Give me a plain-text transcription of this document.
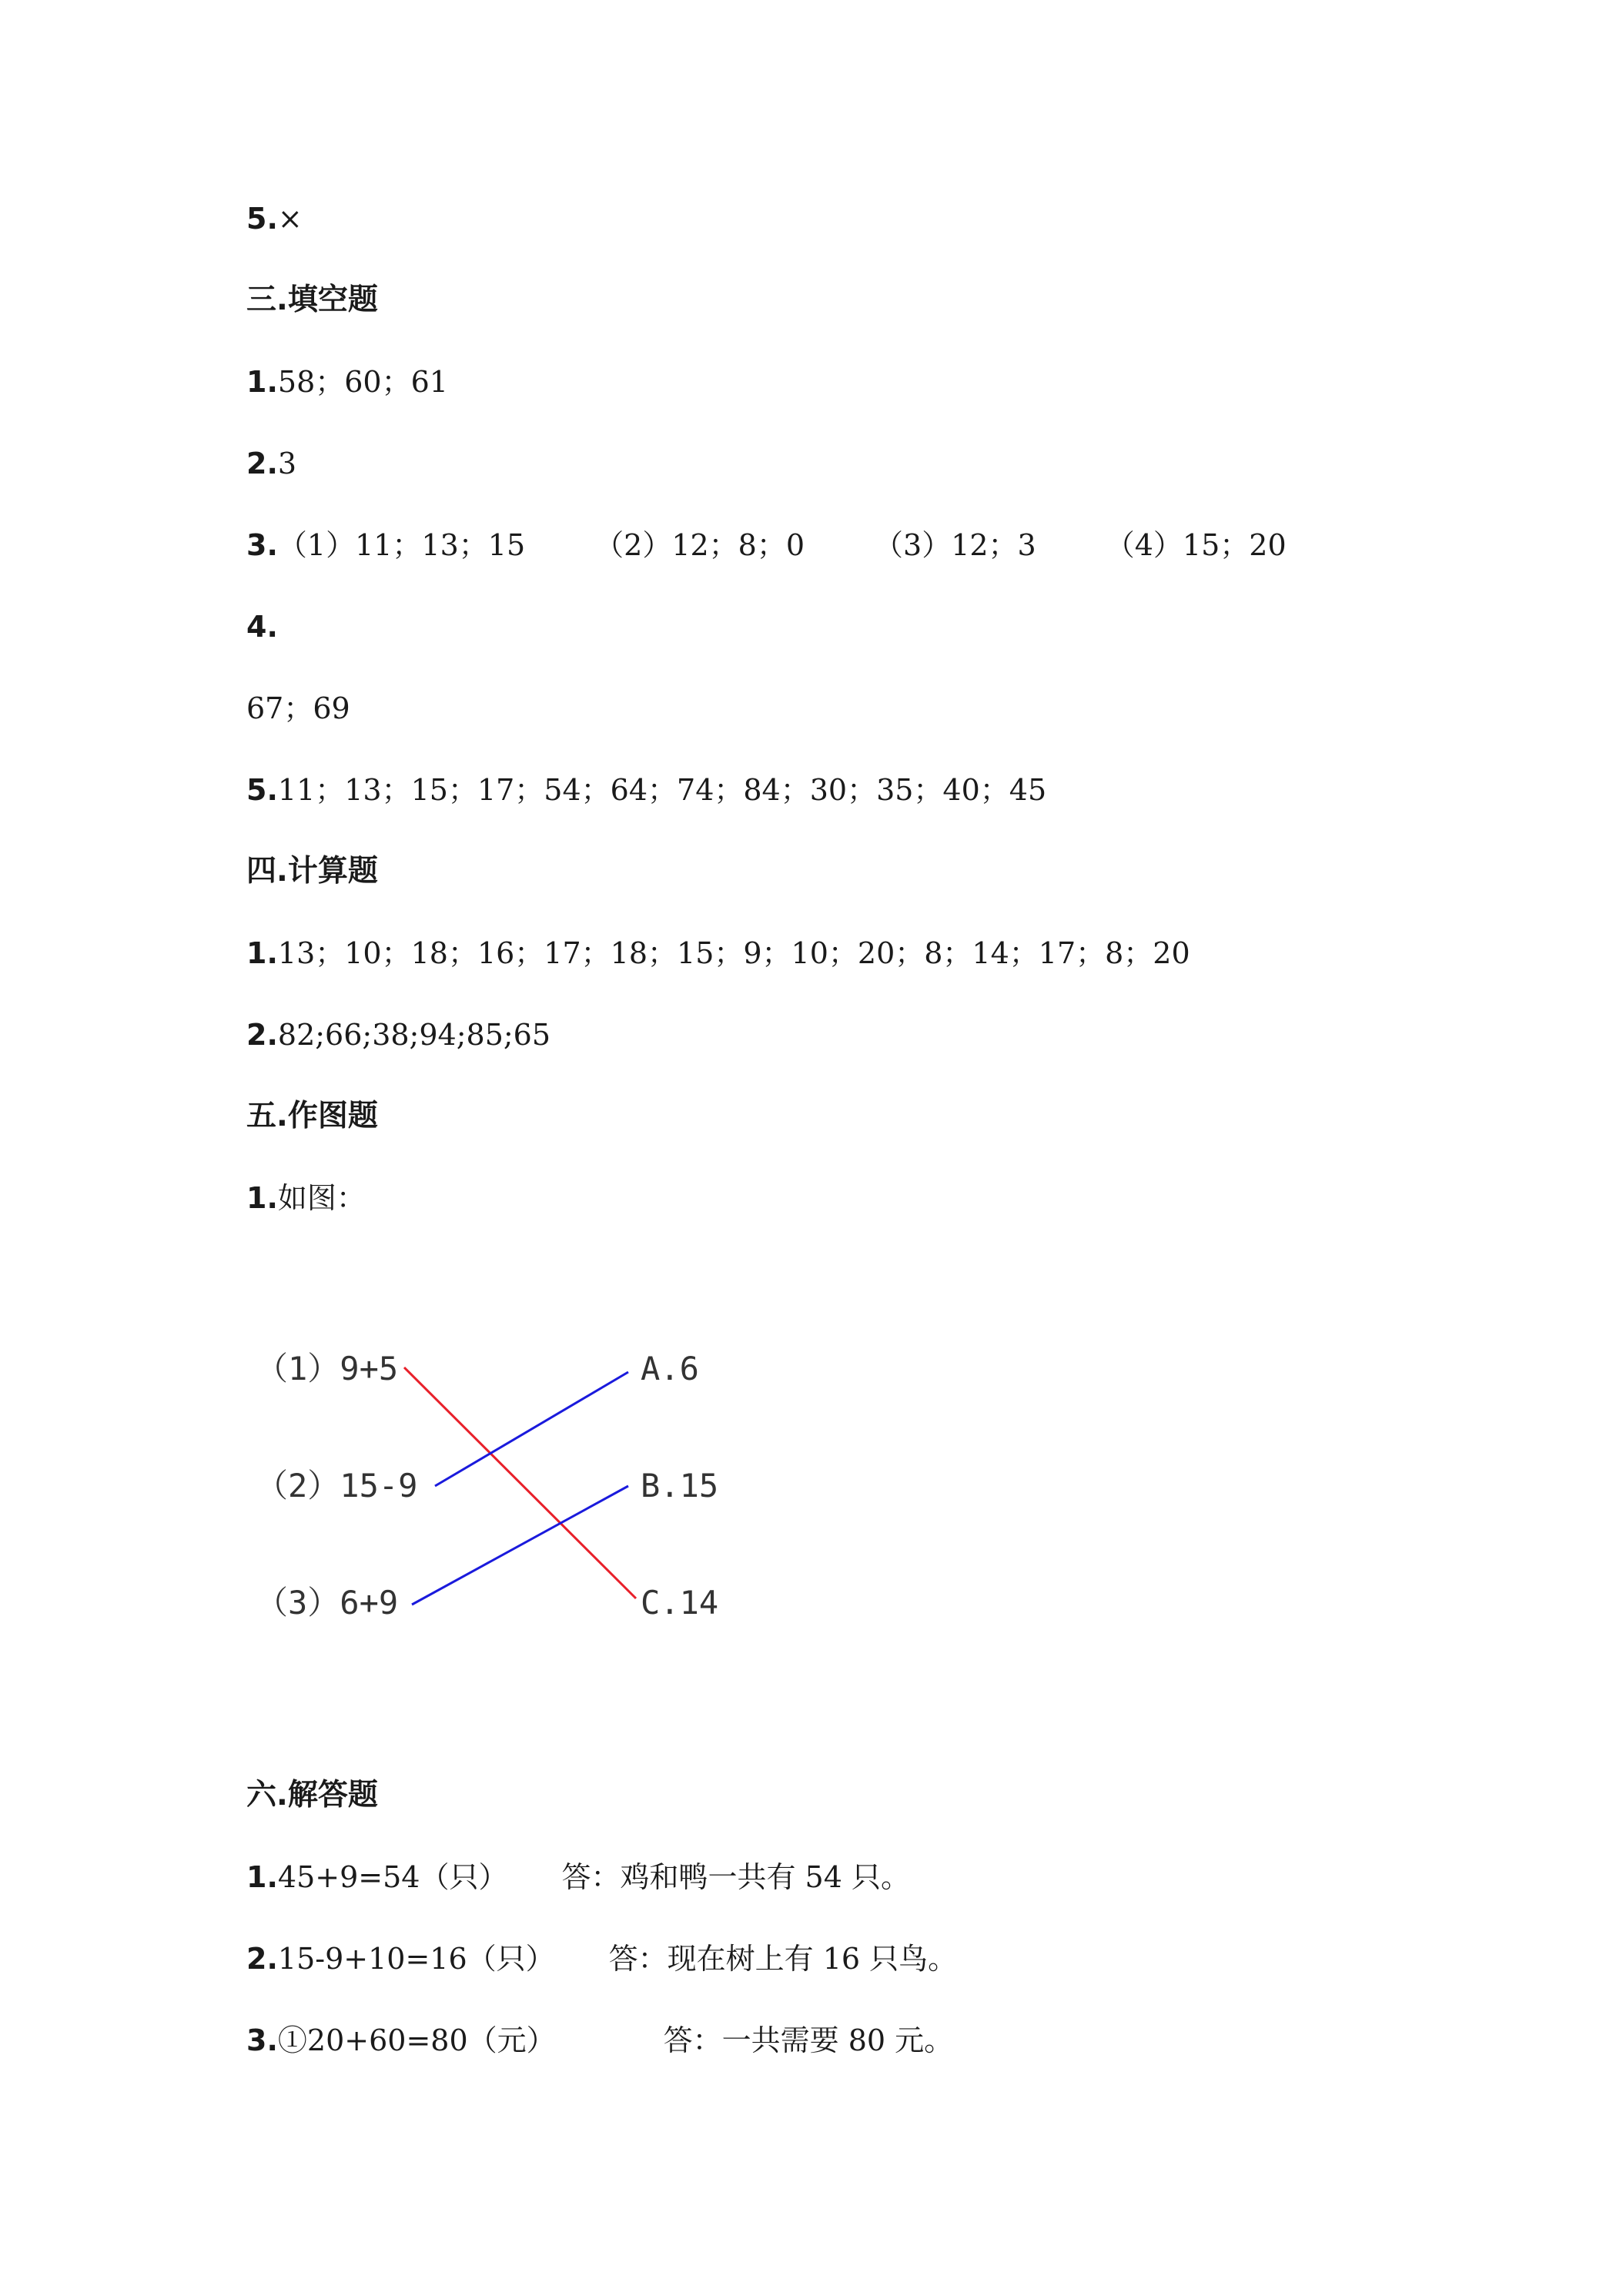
5.×
三.填空题
1.58；60；61
2.3
3.（1）11；13；15 （2）12；8；0 （3）12；3 （4）15；20
4.
67；69
5.11；13；15；17；54；64；74；84；30；35；40；45
四.计算题
1.13；10；18；16；17；18；15；9；10；20；8；14；17；8；20
2.82;66;38;94;85;65
五.作图题
1.如图：
（1）9+5
（2）15-9
（3）6+9
A.6
B.15
C.14
六.解答题
1.45+9=54（只） 答：鸡和鸭一共有 54 只。
2.15-9+10=16（只） 答：现在树上有 16 只鸟。
3.①20+60=80（元）	答：一共需要 80 元。
